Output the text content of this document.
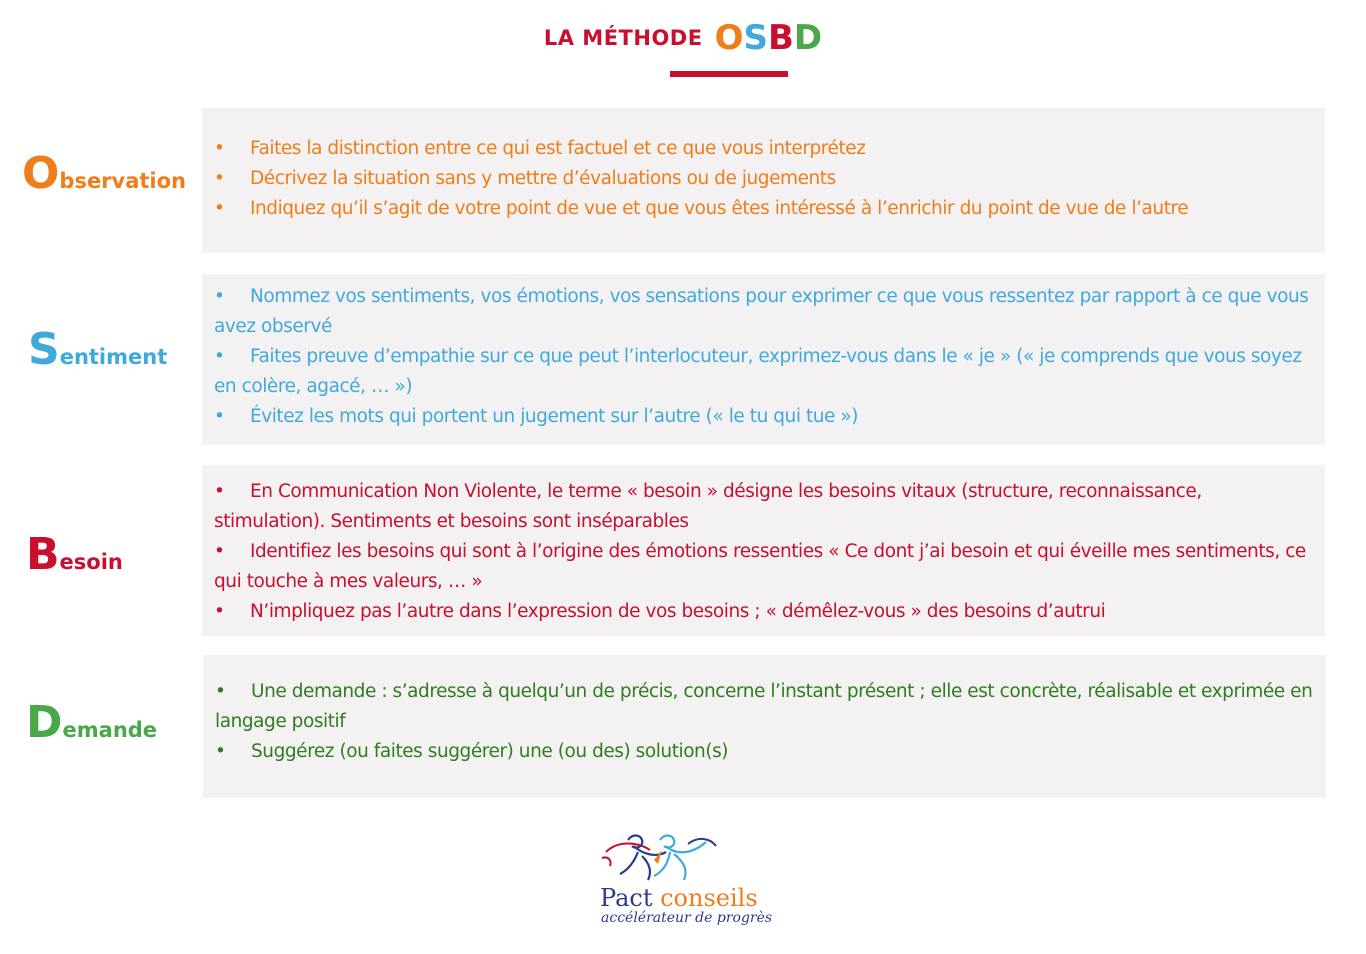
LA MÉTHODE OSBD
Observation
• Faites la distinction entre ce qui est factuel et ce que vous interprétez
• Décrivez la situation sans y mettre d’évaluations ou de jugements
• Indiquez qu’il s’agit de votre point de vue et que vous êtes intéressé à l’enrichir du point de vue de l’autre
Sentiment
• Nommez vos sentiments, vos émotions, vos sensations pour exprimer ce que vous ressentez par rapport à ce que vous avez observé
• Faites preuve d’empathie sur ce que peut l’interlocuteur, exprimez-vous dans le « je » (« je comprends que vous soyez en colère, agacé, … »)
• Évitez les mots qui portent un jugement sur l’autre (« le tu qui tue »)
Besoin
• En Communication Non Violente, le terme « besoin » désigne les besoins vitaux (structure, reconnaissance, stimulation). Sentiments et besoins sont inséparables
• Identifiez les besoins qui sont à l’origine des émotions ressenties « Ce dont j’ai besoin et qui éveille mes sentiments, ce qui touche à mes valeurs, … »
• N’impliquez pas l’autre dans l’expression de vos besoins ; « démêlez-vous » des besoins d’autrui
Demande
• Une demande : s’adresse à quelqu’un de précis, concerne l’instant présent ; elle est concrète, réalisable et exprimée en langage positif
• Suggérez (ou faites suggérer) une (ou des) solution(s)
Pact conseils
accélérateur de progrès
